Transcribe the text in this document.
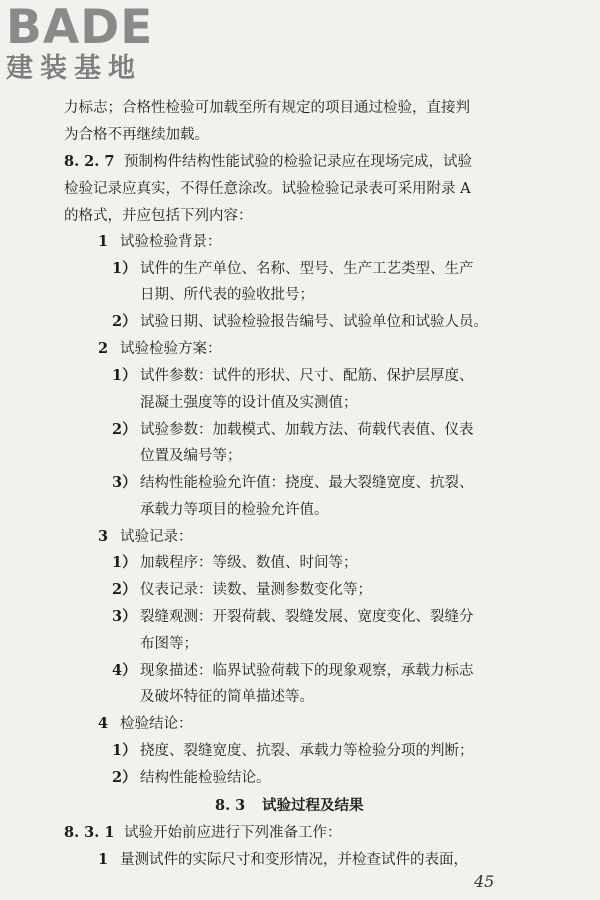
BADE
建装基地

力标志；合格性检验可加载至所有规定的项目通过检验，直接判

为合格不再继续加载。

8. 2. 7 预制构件结构性能试验的检验记录应在现场完成，试验

检验记录应真实，不得任意涂改。试验检验记录表可采用附录 A

的格式，并应包括下列内容：

1 试验检验背景：

1） 试件的生产单位、名称、型号、生产工艺类型、生产

日期、所代表的验收批号；

2） 试验日期、试验检验报告编号、试验单位和试验人员。

2 试验检验方案：

1） 试件参数：试件的形状、尺寸、配筋、保护层厚度、

混凝土强度等的设计值及实测值；

2） 试验参数：加载模式、加载方法、荷载代表值、仪表

位置及编号等；

3） 结构性能检验允许值：挠度、最大裂缝宽度、抗裂、

承载力等项目的检验允许值。

3 试验记录：

1） 加载程序：等级、数值、时间等；

2） 仪表记录：读数、量测参数变化等；

3） 裂缝观测：开裂荷载、裂缝发展、宽度变化、裂缝分

布图等；

4） 现象描述：临界试验荷载下的现象观察，承载力标志

及破坏特征的简单描述等。

4 检验结论：

1） 挠度、裂缝宽度、抗裂、承载力等检验分项的判断；

2） 结构性能检验结论。

8. 3 试验过程及结果
8. 3. 1 试验开始前应进行下列准备工作：

1 量测试件的实际尺寸和变形情况，并检查试件的表面，

45
